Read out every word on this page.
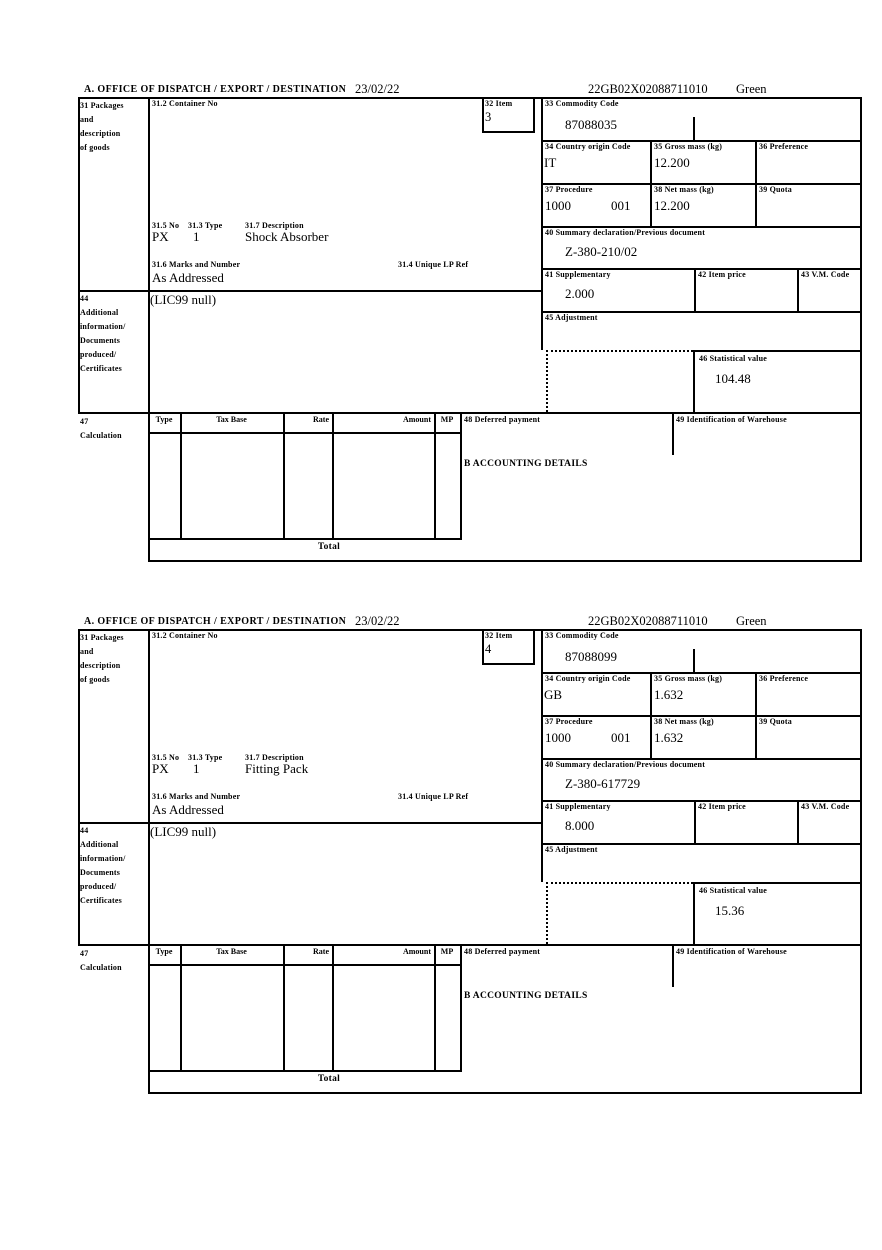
A. OFFICE OF DISPATCH / EXPORT / DESTINATION 23/02/22	22GB02X02088711010 Green
31 Packages
and
description
of goods
44
Additional
information/
Documents
produced/
Certificates
47
Calculation
31.2 Container No	32 Item
3
31.5 No 31.3 Type	31.7 Description
PX 1	Shock Absorber
31.6 Marks and Number	31.4 Unique LP Ref
As Addressed
(LIC99 null)
33 Commodity Code
87088035
34 Country origin Code
IT
35 Gross mass (kg)
12.200
36 Preference
37 Procedure
1000	001
38 Net mass (kg)
12.200
39 Quota
40 Summary declaration/Previous document
Z-380-210/02
41 Supplementary
2.000
42 Item price	43 V.M. Code
45 Adjustment
46 Statistical value
104.48
Type	Tax Base	Rate	Amount	MP	48 Deferred payment	49 Identification of Warehouse
B ACCOUNTING DETAILS
Total
A. OFFICE OF DISPATCH / EXPORT / DESTINATION 23/02/22	22GB02X02088711010 Green
31 Packages
and
description
of goods
44
Additional
information/
Documents
produced/
Certificates
47
Calculation
31.2 Container No	32 Item
4
31.5 No 31.3 Type	31.7 Description
PX 1	Fitting Pack
31.6 Marks and Number	31.4 Unique LP Ref
As Addressed
(LIC99 null)
33 Commodity Code
87088099
34 Country origin Code
GB
35 Gross mass (kg)
1.632
36 Preference
37 Procedure
1000	001
38 Net mass (kg)
1.632
39 Quota
40 Summary declaration/Previous document
Z-380-617729
41 Supplementary
8.000
42 Item price	43 V.M. Code
45 Adjustment
46 Statistical value
15.36
Type	Tax Base	Rate	Amount	MP	48 Deferred payment	49 Identification of Warehouse
B ACCOUNTING DETAILS
Total
